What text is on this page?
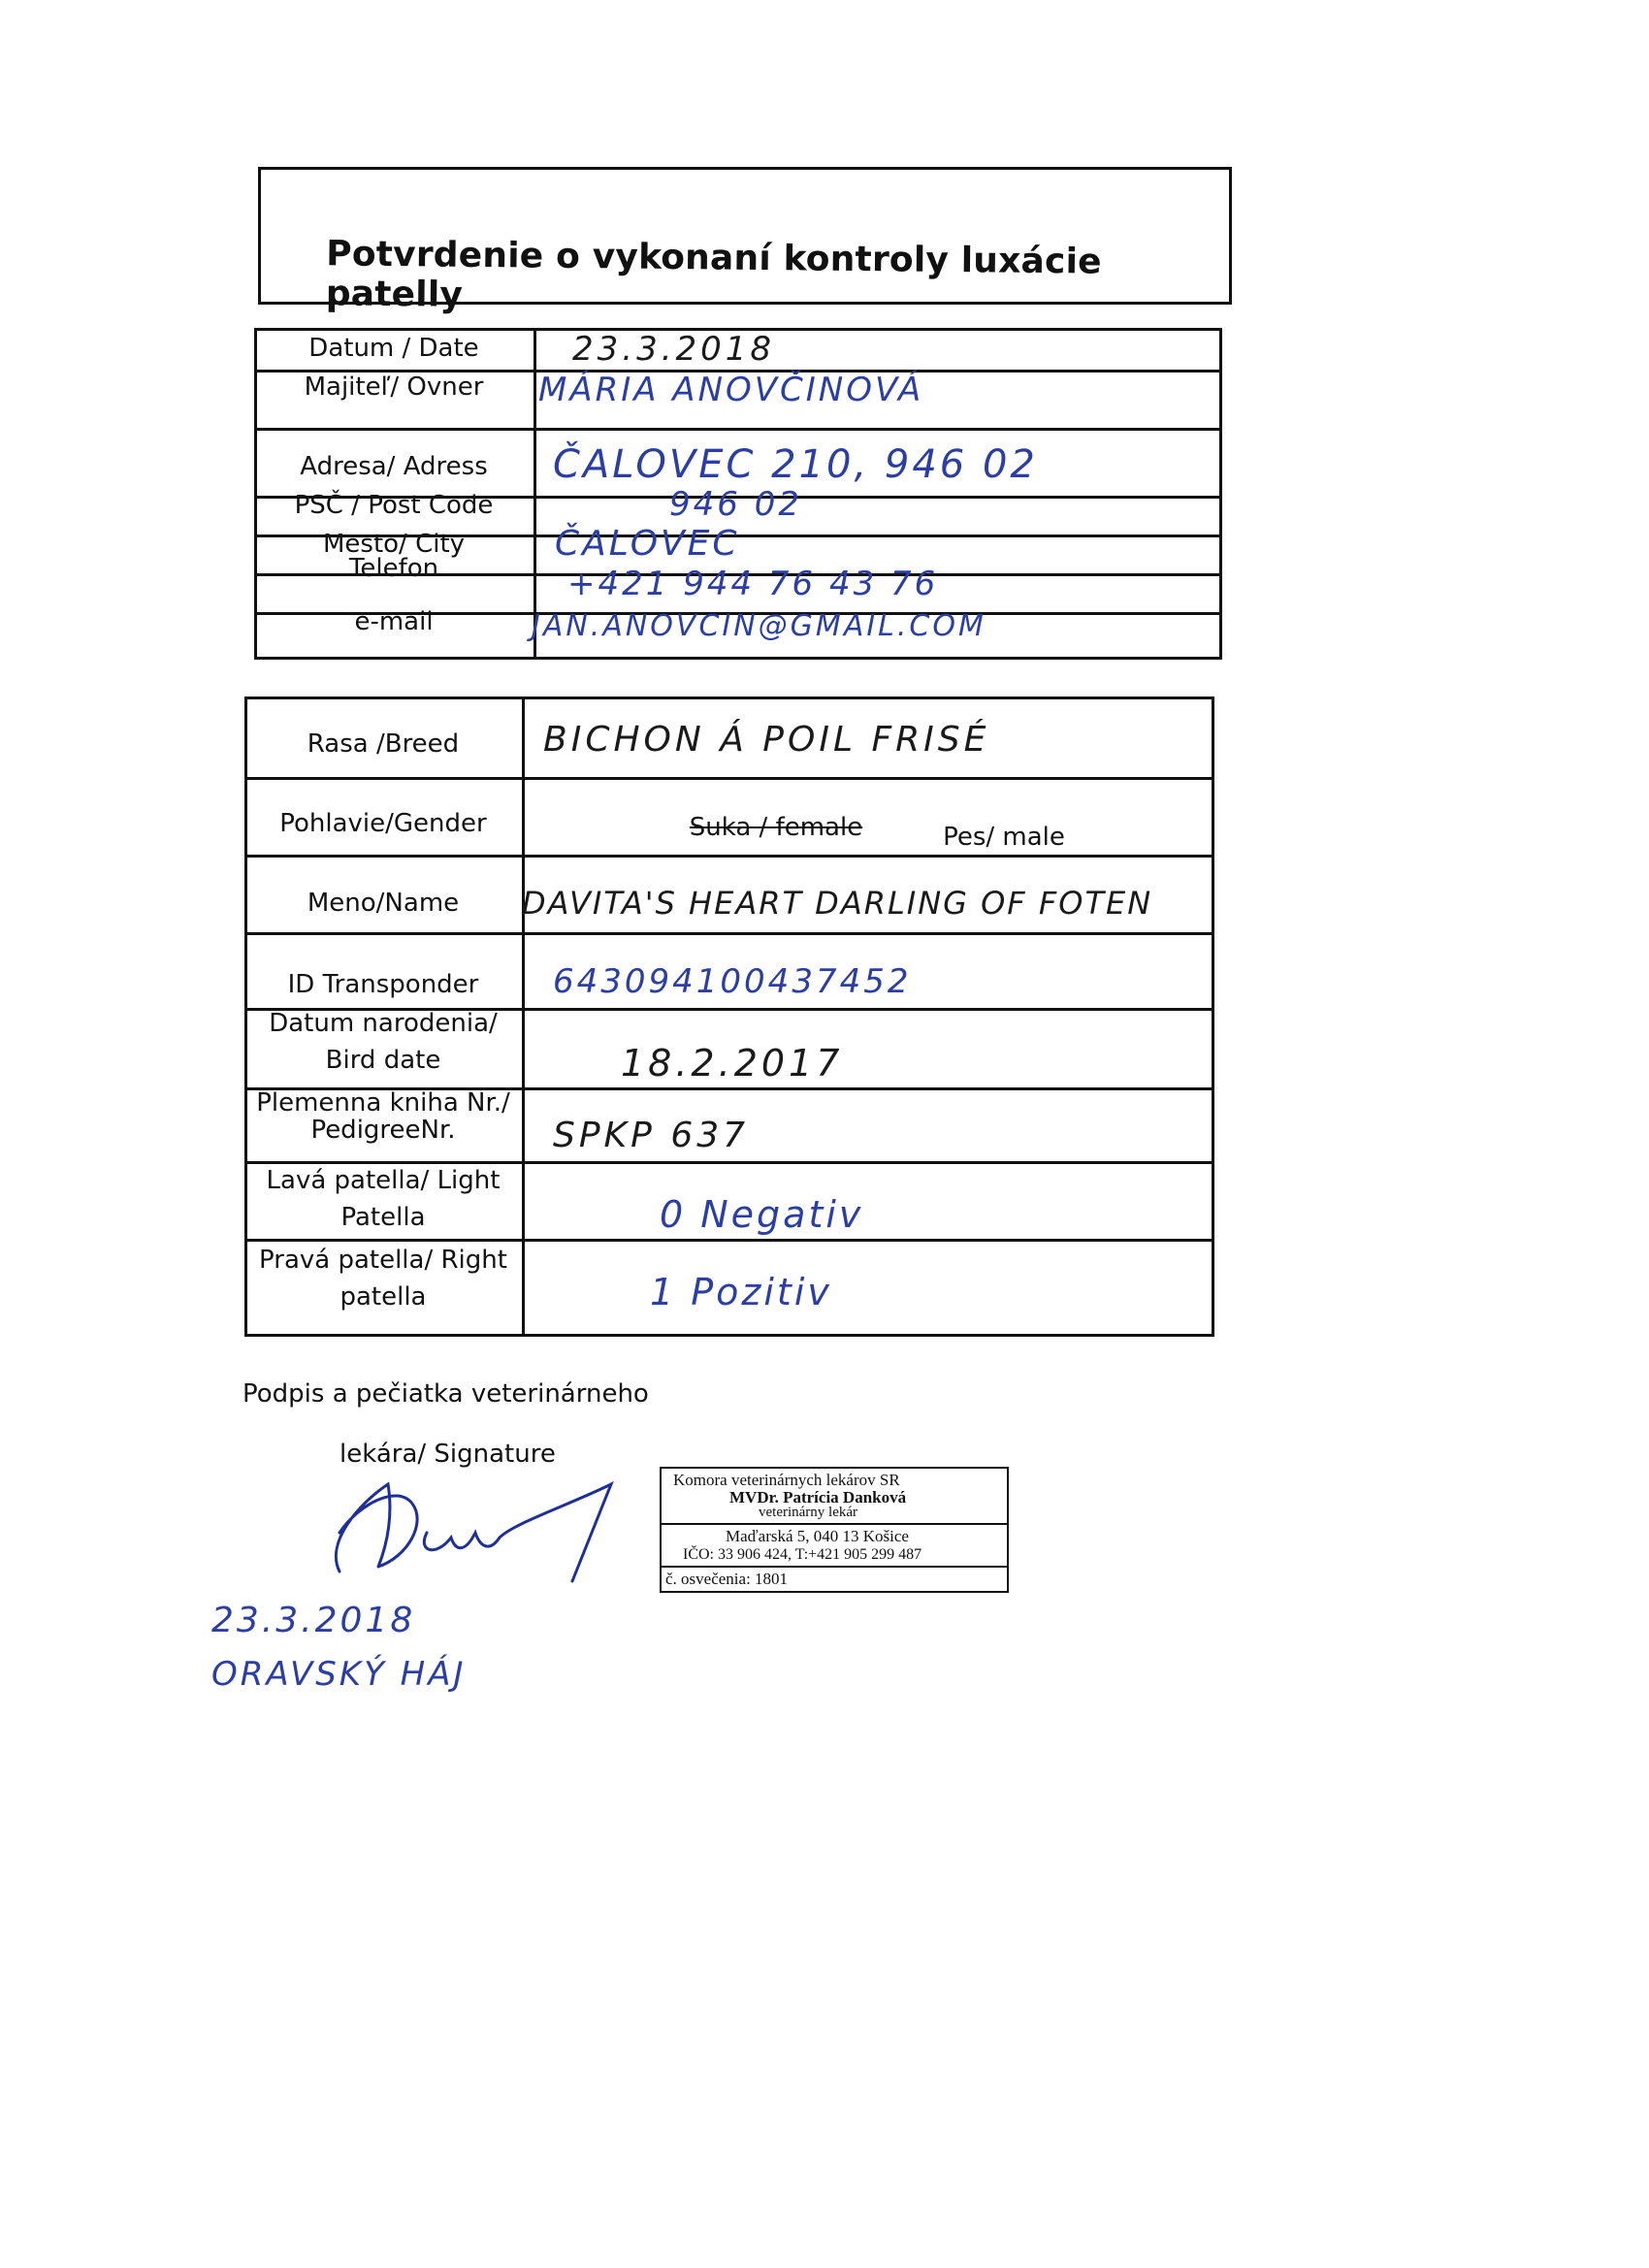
Potvrdenie o vykonaní kontroly luxácie patelly
Datum / Date
Majiteľ/ Ovner
Adresa/ Adress
PSČ / Post Code
Mesto/ City
Telefon
e-mail
23.3.2018
MÁRIA ANOVČINOVÁ
ČALOVEC 210, 946 02
946 02
ČALOVEC
+421 944 76 43 76
JAN.ANOVCIN@GMAIL.COM
Rasa /Breed
Pohlavie/Gender
Meno/Name
ID Transponder
Datum narodenia/
Bird date
Plemenna kniha Nr./
PedigreeNr.
Lavá patella/ Light
Patella
Pravá patella/ Right
patella
BICHON Á POIL FRISÉ
Suka / female	Pes/ male
DAVITA'S HEART DARLING OF FOTEN
643094100437452
18.2.2017
SPKP 637
0 Negativ
1 Pozitiv
Podpis a pečiatka veterinárneho
lekára/ Signature
Komora veterinárnych lekárov SR
MVDr. Patrícia Danková
veterinárny lekár
Maďarská 5, 040 13 Košice
IČO: 33 906 424, T:+421 905 299 487
č. osvečenia: 1801
23.3.2018
ORAVSKÝ HÁJ
